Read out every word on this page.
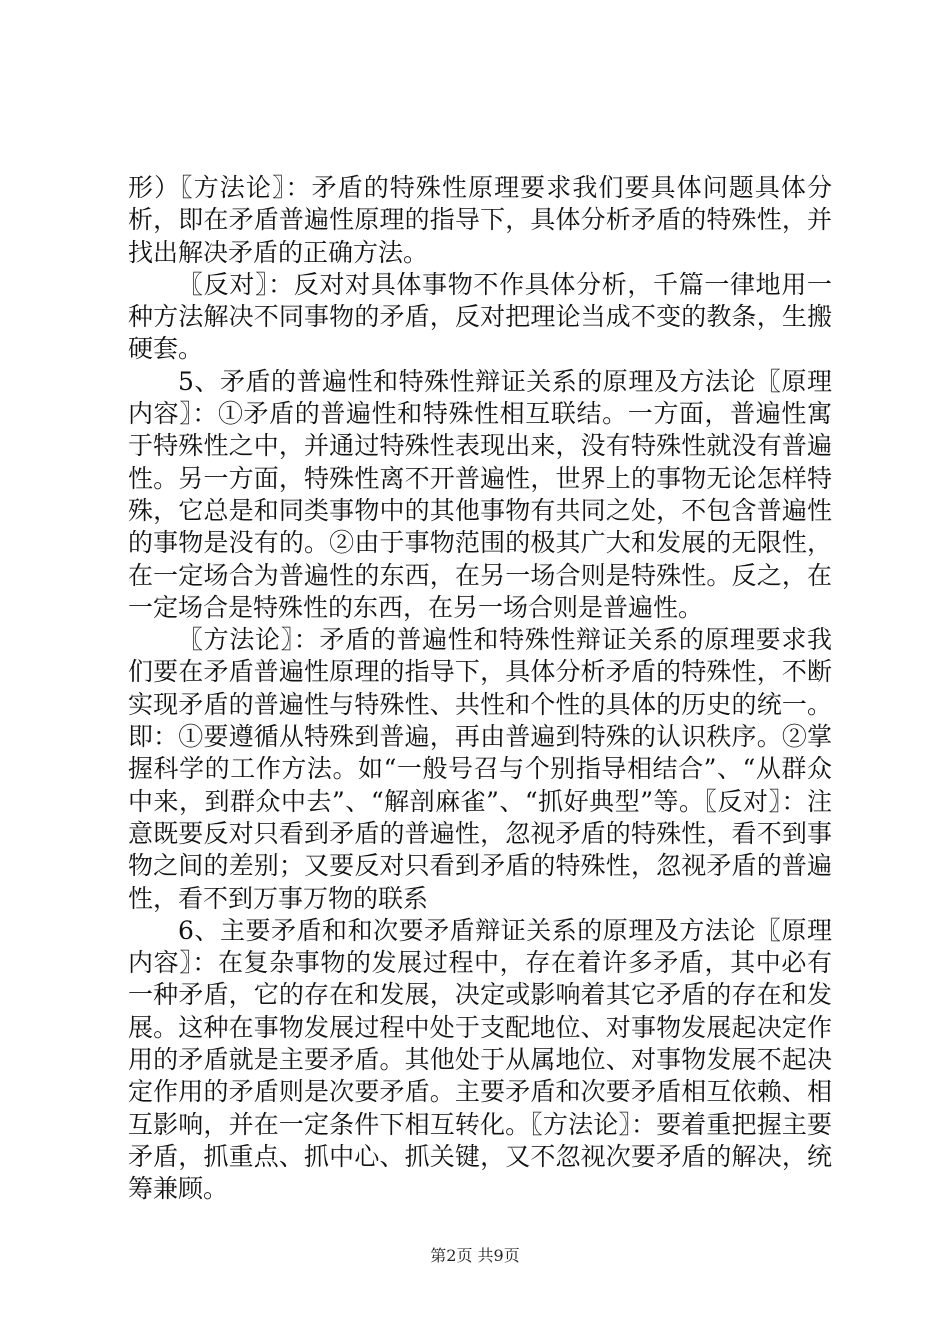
形）〖方法论〗：矛盾的特殊性原理要求我们要具体问题具体分析，即在矛盾普遍性原理的指导下，具体分析矛盾的特殊性，并找出解决矛盾的正确方法。

〖反对〗：反对对具体事物不作具体分析，千篇一律地用一种方法解决不同事物的矛盾，反对把理论当成不变的教条，生搬硬套。

5、矛盾的普遍性和特殊性辩证关系的原理及方法论〖原理内容〗：①矛盾的普遍性和特殊性相互联结。一方面，普遍性寓于特殊性之中，并通过特殊性表现出来，没有特殊性就没有普遍性。另一方面，特殊性离不开普遍性，世界上的事物无论怎样特殊，它总是和同类事物中的其他事物有共同之处，不包含普遍性的事物是没有的。②由于事物范围的极其广大和发展的无限性，在一定场合为普遍性的东西，在另一场合则是特殊性。反之，在一定场合是特殊性的东西，在另一场合则是普遍性。

〖方法论〗：矛盾的普遍性和特殊性辩证关系的原理要求我们要在矛盾普遍性原理的指导下，具体分析矛盾的特殊性，不断实现矛盾的普遍性与特殊性、共性和个性的具体的历史的统一。即：①要遵循从特殊到普遍，再由普遍到特殊的认识秩序。②掌握科学的工作方法。如“一般号召与个别指导相结合”、“从群众中来，到群众中去”、“解剖麻雀”、“抓好典型”等。〖反对〗：注意既要反对只看到矛盾的普遍性，忽视矛盾的特殊性，看不到事物之间的差别；又要反对只看到矛盾的特殊性，忽视矛盾的普遍性，看不到万事万物的联系

6、主要矛盾和和次要矛盾辩证关系的原理及方法论〖原理内容〗：在复杂事物的发展过程中，存在着许多矛盾，其中必有一种矛盾，它的存在和发展，决定或影响着其它矛盾的存在和发展。这种在事物发展过程中处于支配地位、对事物发展起决定作用的矛盾就是主要矛盾。其他处于从属地位、对事物发展不起决定作用的矛盾则是次要矛盾。主要矛盾和次要矛盾相互依赖、相互影响，并在一定条件下相互转化。〖方法论〗：要着重把握主要矛盾，抓重点、抓中心、抓关键，又不忽视次要矛盾的解决，统筹兼顾。

第2页 共9页
